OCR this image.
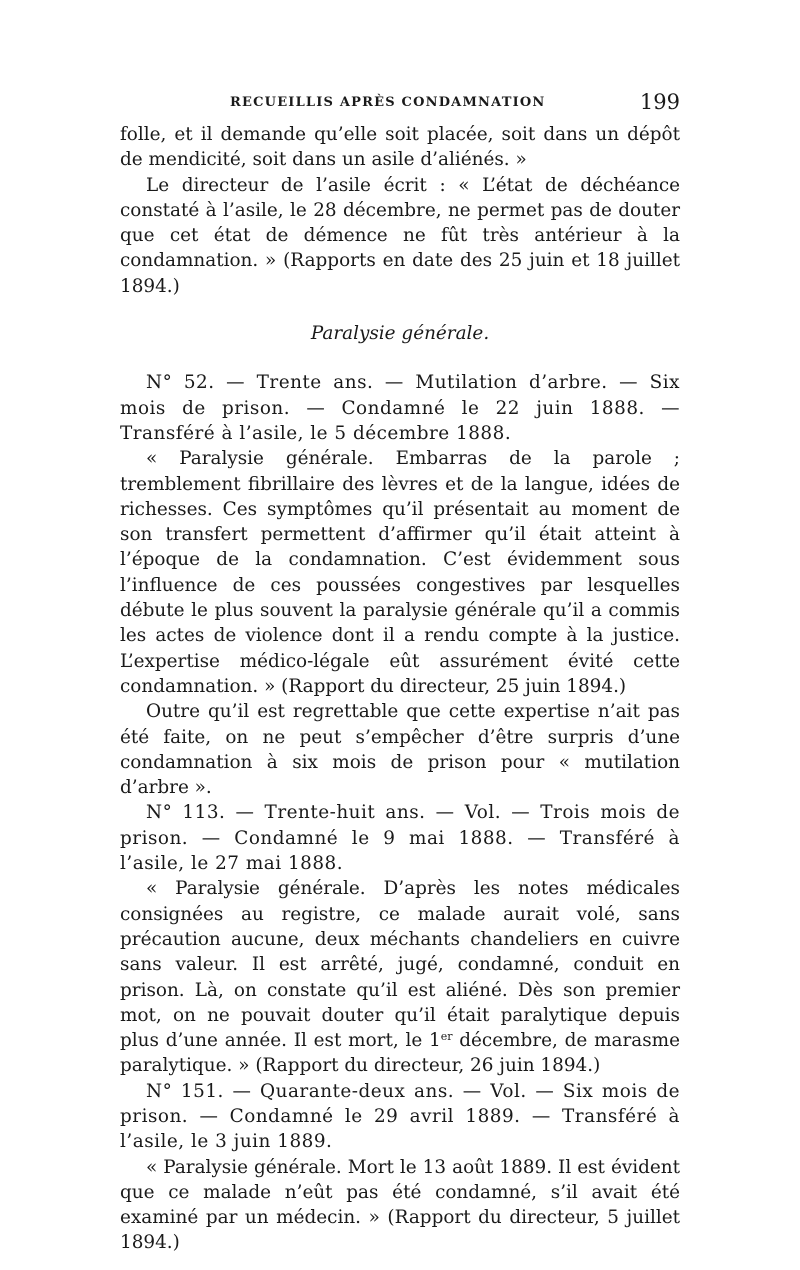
RECUEILLIS APRÈS CONDAMNATION	199

folle, et il demande qu’elle soit placée, soit dans un dépôt de mendicité, soit dans un asile d’aliénés. »

Le directeur de l’asile écrit : « L’état de déchéance constaté à l’asile, le 28 décembre, ne permet pas de douter que cet état de démence ne fût très antérieur à la condamnation. » (Rapports en date des 25 juin et 18 juillet 1894.)

Paralysie générale.

N° 52. — Trente ans. — Mutilation d’arbre. — Six mois de prison. — Condamné le 22 juin 1888. — Transféré à l’asile, le 5 décembre 1888.

« Paralysie générale. Embarras de la parole ; tremblement fibrillaire des lèvres et de la langue, idées de richesses. Ces symptômes qu’il présentait au moment de son transfert permettent d’affirmer qu’il était atteint à l’époque de la condamnation. C’est évidemment sous l’influence de ces poussées congestives par lesquelles débute le plus souvent la paralysie générale qu’il a commis les actes de violence dont il a rendu compte à la justice. L’expertise médico-légale eût assurément évité cette condamnation. » (Rapport du directeur, 25 juin 1894.)

Outre qu’il est regrettable que cette expertise n’ait pas été faite, on ne peut s’empêcher d’être surpris d’une condamnation à six mois de prison pour « mutilation d’arbre ».

N° 113. — Trente-huit ans. — Vol. — Trois mois de prison. — Condamné le 9 mai 1888. — Transféré à l’asile, le 27 mai 1888.

« Paralysie générale. D’après les notes médicales consignées au registre, ce malade aurait volé, sans précaution aucune, deux méchants chandeliers en cuivre sans valeur. Il est arrêté, jugé, condamné, conduit en prison. Là, on constate qu’il est aliéné. Dès son premier mot, on ne pouvait douter qu’il était paralytique depuis plus d’une année. Il est mort, le 1er décembre, de marasme paralytique. » (Rapport du directeur, 26 juin 1894.)

N° 151. — Quarante-deux ans. — Vol. — Six mois de prison. — Condamné le 29 avril 1889. — Transféré à l’asile, le 3 juin 1889.

« Paralysie générale. Mort le 13 août 1889. Il est évident que ce malade n’eût pas été condamné, s’il avait été examiné par un médecin. » (Rapport du directeur, 5 juillet 1894.)
